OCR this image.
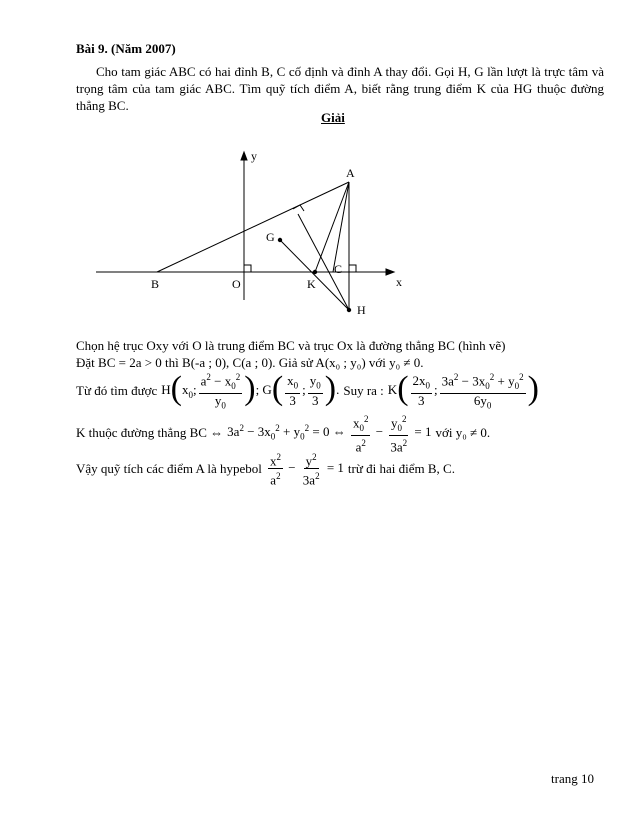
Bài 9. (Năm 2007)
Cho tam giác ABC có hai đỉnh B, C cố định và đỉnh A thay đổi. Gọi H, G lần lượt là trực tâm và trọng tâm của tam giác ABC. Tìm quỹ tích điểm A, biết rằng trung điểm K của HG thuộc đường thẳng BC.
Giải
y
x
A
G
C
B	O	K
H
Chọn hệ trục Oxy với O là trung điểm BC và trục Ox là đường thẳng BC (hình vẽ)
Đặt BC = 2a > 0 thì B(-a ; 0), C(a ; 0). Giả sử A(x₀ ; y₀) với y₀ ≠ 0.
Từ đó tìm được $H(x_0$; $\frac{a^2 - x_0^2}{y_0}$ ); $G( \frac{x_0}{3}$ ; $\frac{y_0}{3}$ ). Suy ra : $K( \frac{2x_0}{3}$ ; $\frac{3a^2 - 3x_0^2 + y_0^2}{6y_0}$ )
K thuộc đường thẳng BC ⇔ $3a^2 - 3x_0^2 + y_0^2 = 0$ ⇔ $\frac{x_0^2}{a^2} - \frac{y_0^2}{3a^2} = 1$ với y₀ ≠ 0.
Vậy quỹ tích các điểm A là hypebol $\frac{x^2}{a^2} - \frac{y^2}{3a^2} = 1$ trừ đi hai điểm B, C.
trang 10
